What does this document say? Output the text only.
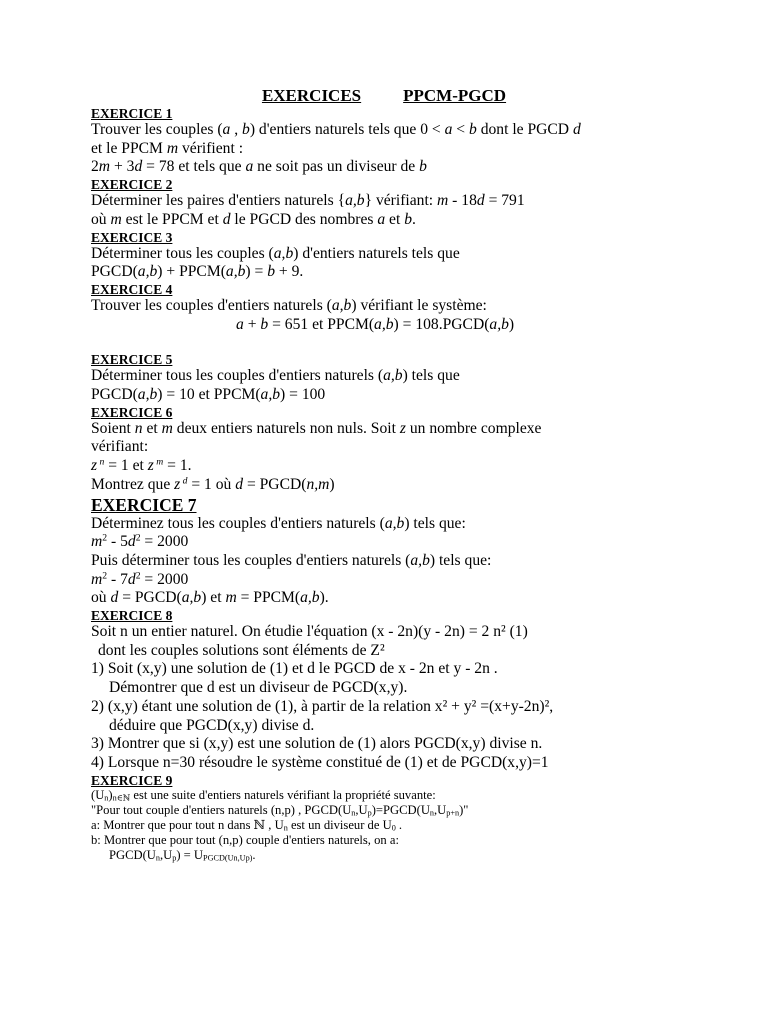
EXERCICES PPCM-PGCD
EXERCICE 1
Trouver les couples (a , b) d'entiers naturels tels que 0 < a < b dont le PGCD d
et le PPCM m vérifient :
2m + 3d = 78 et tels que a ne soit pas un diviseur de b
EXERCICE 2
Déterminer les paires d'entiers naturels {a,b} vérifiant: m - 18d = 791
où m est le PPCM et d le PGCD des nombres a et b.
EXERCICE 3
Déterminer tous les couples (a,b) d'entiers naturels tels que
PGCD(a,b) + PPCM(a,b) = b + 9.
EXERCICE 4
Trouver les couples d'entiers naturels (a,b) vérifiant le système:
a + b = 651 et PPCM(a,b) = 108.PGCD(a,b)
EXERCICE 5
Déterminer tous les couples d'entiers naturels (a,b) tels que
PGCD(a,b) = 10 et PPCM(a,b) = 100
EXERCICE 6
Soient n et m deux entiers naturels non nuls. Soit z un nombre complexe
vérifiant:
z $^n$ = 1 et z $^m$ = 1.
Montrez que z $^d$ = 1 où d = PGCD(n,m)
EXERCICE 7
Déterminez tous les couples d'entiers naturels (a,b) tels que:
$m^2 - 5d^2 = 2000$
Puis déterminer tous les couples d'entiers naturels (a,b) tels que:
$m^2 - 7d^2 = 2000$
où d = PGCD(a,b) et m = PPCM(a,b).
EXERCICE 8
Soit n un entier naturel. On étudie l'équation (x - 2n)(y - 2n) = 2 n² (1)
dont les couples solutions sont éléments de Z²
1) Soit (x,y) une solution de (1) et d le PGCD de x - 2n et y - 2n .
Démontrer que d est un diviseur de PGCD(x,y).
2) (x,y) étant une solution de (1), à partir de la relation x² + y² =(x+y-2n)²,
déduire que PGCD(x,y) divise d.
3) Montrer que si (x,y) est une solution de (1) alors PGCD(x,y) divise n.
4) Lorsque n=30 résoudre le système constitué de (1) et de PGCD(x,y)=1
EXERCICE 9
$(U_n)_{n\in ℕ}$ est une suite d'entiers naturels vérifiant la propriété suvante:
"Pour tout couple d'entiers naturels (n,p) , $PGCD(U_n,U_p)=PGCD(U_n,U_{p+n})$"
a: Montrer que pour tout n dans ℕ , $U_n$ est un diviseur de $U_0$ .
b: Montrer que pour tout (n,p) couple d'entiers naturels, on a:
$PGCD(U_n,U_p) = U_{PGCD(Un,Up)}$.
